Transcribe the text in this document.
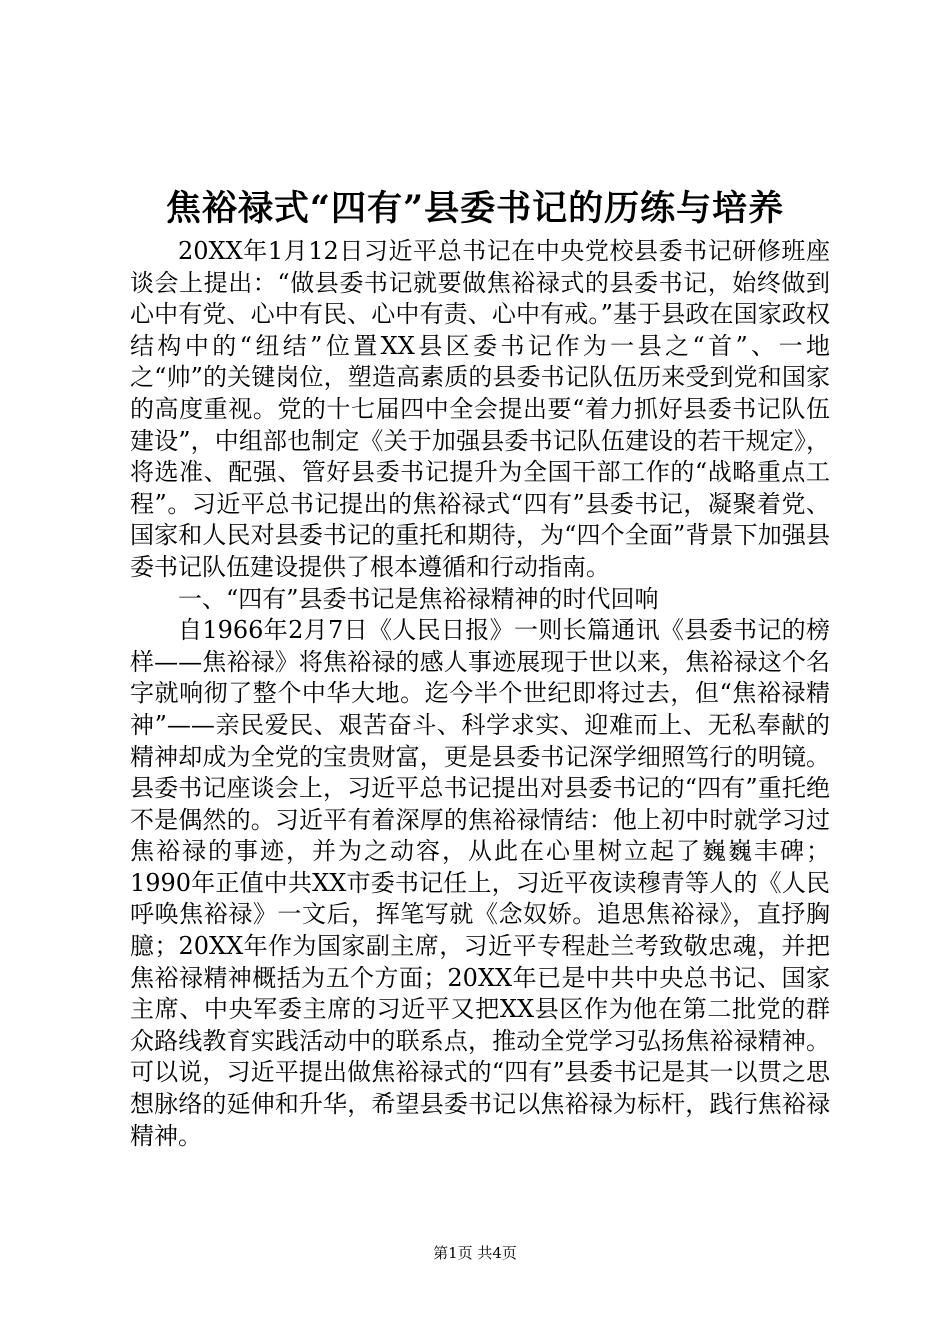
焦裕禄式“四有”县委书记的历练与培养

20XX年1月12日习近平总书记在中央党校县委书记研修班座谈会上提出：“做县委书记就要做焦裕禄式的县委书记，始终做到心中有党、心中有民、心中有责、心中有戒。”基于县政在国家政权结构中的“纽结”位置XX县区委书记作为一县之“首”、一地之“帅”的关键岗位，塑造高素质的县委书记队伍历来受到党和国家的高度重视。党的十七届四中全会提出要“着力抓好县委书记队伍建设”，中组部也制定《关于加强县委书记队伍建设的若干规定》，将选准、配强、管好县委书记提升为全国干部工作的“战略重点工程”。习近平总书记提出的焦裕禄式“四有”县委书记，凝聚着党、国家和人民对县委书记的重托和期待，为“四个全面”背景下加强县委书记队伍建设提供了根本遵循和行动指南。

一、“四有”县委书记是焦裕禄精神的时代回响

自1966年2月7日《人民日报》一则长篇通讯《县委书记的榜样——焦裕禄》将焦裕禄的感人事迹展现于世以来，焦裕禄这个名字就响彻了整个中华大地。迄今半个世纪即将过去，但“焦裕禄精神”——亲民爱民、艰苦奋斗、科学求实、迎难而上、无私奉献的精神却成为全党的宝贵财富，更是县委书记深学细照笃行的明镜。县委书记座谈会上，习近平总书记提出对县委书记的“四有”重托绝不是偶然的。习近平有着深厚的焦裕禄情结：他上初中时就学习过焦裕禄的事迹，并为之动容，从此在心里树立起了巍巍丰碑；1990年正值中共XX市委书记任上，习近平夜读穆青等人的《人民呼唤焦裕禄》一文后，挥笔写就《念奴娇。追思焦裕禄》，直抒胸臆；20XX年作为国家副主席，习近平专程赴兰考致敬忠魂，并把焦裕禄精神概括为五个方面；20XX年已是中共中央总书记、国家主席、中央军委主席的习近平又把XX县区作为他在第二批党的群众路线教育实践活动中的联系点，推动全党学习弘扬焦裕禄精神。可以说，习近平提出做焦裕禄式的“四有”县委书记是其一以贯之思想脉络的延伸和升华，希望县委书记以焦裕禄为标杆，践行焦裕禄精神。

第1页 共4页
